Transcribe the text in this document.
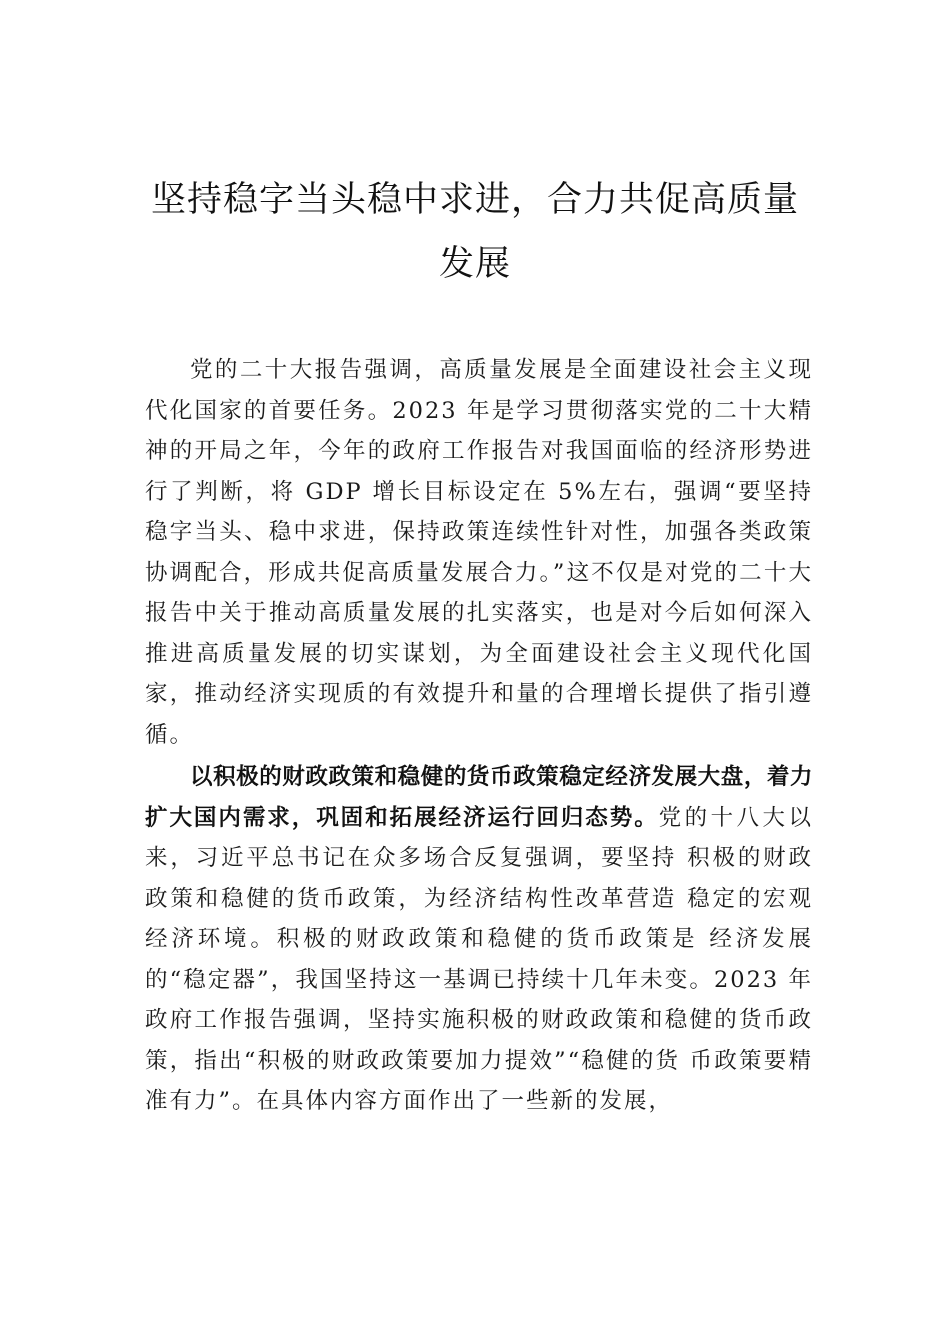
坚持稳字当头稳中求进，合力共促高质量
发展

党的二十大报告强调，高质量发展是全面建设社会主义现代化国家的首要任务。2023 年是学习贯彻落实党的二十大精神的开局之年，今年的政府工作报告对我国面临的经济形势进行了判断，将 GDP 增长目标设定在 5%左右，强调“要坚持稳字当头、稳中求进，保持政策连续性针对性，加强各类政策协调配合，形成共促高质量发展合力。”这不仅是对党的二十大报告中关于推动高质量发展的扎实落实，也是对今后如何深入推进高质量发展的切实谋划，为全面建设社会主义现代化国家，推动经济实现质的有效提升和量的合理增长提供了指引遵循。

以积极的财政政策和稳健的货币政策稳定经济发展大盘，着力扩大国内需求，巩固和拓展经济运行回归态势。党的十八大以来，习近平总书记在众多场合反复强调，要坚持 积极的财政政策和稳健的货币政策，为经济结构性改革营造 稳定的宏观经济环境。积极的财政政策和稳健的货币政策是 经济发展的“稳定器”，我国坚持这一基调已持续十几年未变。2023 年政府工作报告强调，坚持实施积极的财政政策和稳健的货币政策，指出“积极的财政政策要加力提效”“稳健的货 币政策要精准有力”。在具体内容方面作出了一些新的发展，
